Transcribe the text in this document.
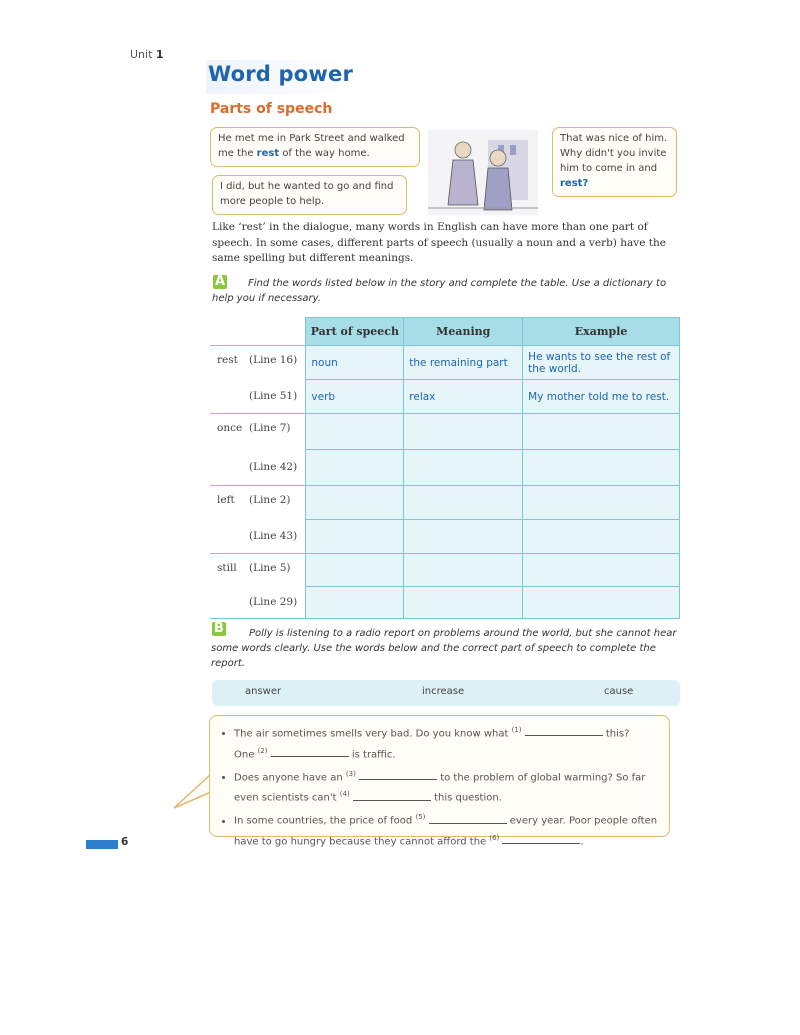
Unit 1
Word power
Parts of speech
He met me in Park Street and walked me the rest of the way home.
I did, but he wanted to go and find more people to help.
That was nice of him. Why didn't you invite him to come in and rest?
Like ‘rest’ in the dialogue, many words in English can have more than one part of speech. In some cases, different parts of speech (usually a noun and a verb) have the same spelling but different meanings.
A	Find the words listed below in the story and complete the table. Use a dictionary to help you if necessary.
	Part of speech	Meaning	Example
rest (Line 16)	noun	the remaining part	He wants to see the rest of the world.
(Line 51)	verb	relax	My mother told me to rest.
once (Line 7)			
(Line 42)			
left (Line 2)			
(Line 43)			
still (Line 5)			
(Line 29)			
B	Polly is listening to a radio report on problems around the world, but she cannot hear some words clearly. Use the words below and the correct part of speech to complete the report.
answer	increase	cause
• The air sometimes smells very bad. Do you know what $^{(1)}$	this?
One $^{(2)}$	is traffic.
• Does anyone have an $^{(3)}$	to the problem of global warming? So far even scientists can't $^{(4)}$	this question.
• In some countries, the price of food $^{(5)}$	every year. Poor people often have to go hungry because they cannot afford the $^{(6)}$	.
6
